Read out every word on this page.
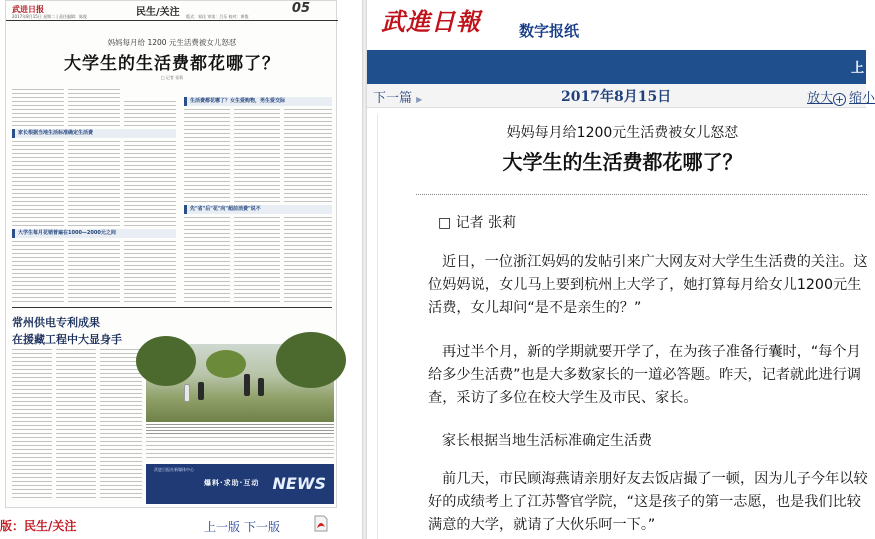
武进日报	民生/关注	05
2017年8月15日 星期二 | 责任编辑：陈俊	版式：邹佳 审读：吕乐 校对：黄俊
妈妈每月给 1200 元生活费被女儿怒怼
大学生的生活费都花哪了？
□ 记者 张莉
家长根据当地生活标准确定生活费
大学生每月花销普遍在1000—2000元之间
生活费都花哪了？女生爱购物，男生爱交际
先"省"后"花"向"超前消费"说不
常州供电专利成果
在援藏工程中大显身手
武进日报社新媒体中心
爆料·求助·互动 NEWS
版：民生/关注	上一版 下一版
武進日報	数字报纸
上
下一篇 ▶	2017年8月15日	放大 + 缩小
妈妈每月给1200元生活费被女儿怒怼
大学生的生活费都花哪了？
□ 记者 张莉

近日，一位浙江妈妈的发帖引来广大网友对大学生生活费的关注。这位妈妈说，女儿马上要到杭州上大学了，她打算每月给女儿1200元生活费，女儿却问“是不是亲生的？”

再过半个月，新的学期就要开学了，在为孩子准备行囊时，“每个月给多少生活费”也是大多数家长的一道必答题。昨天，记者就此进行调查，采访了多位在校大学生及市民、家长。

家长根据当地生活标准确定生活费

前几天，市民顾海燕请亲朋好友去饭店撮了一顿，因为儿子今年以较好的成绩考上了江苏警官学院，“这是孩子的第一志愿，也是我们比较满意的大学，就请了大伙乐呵一下。”
